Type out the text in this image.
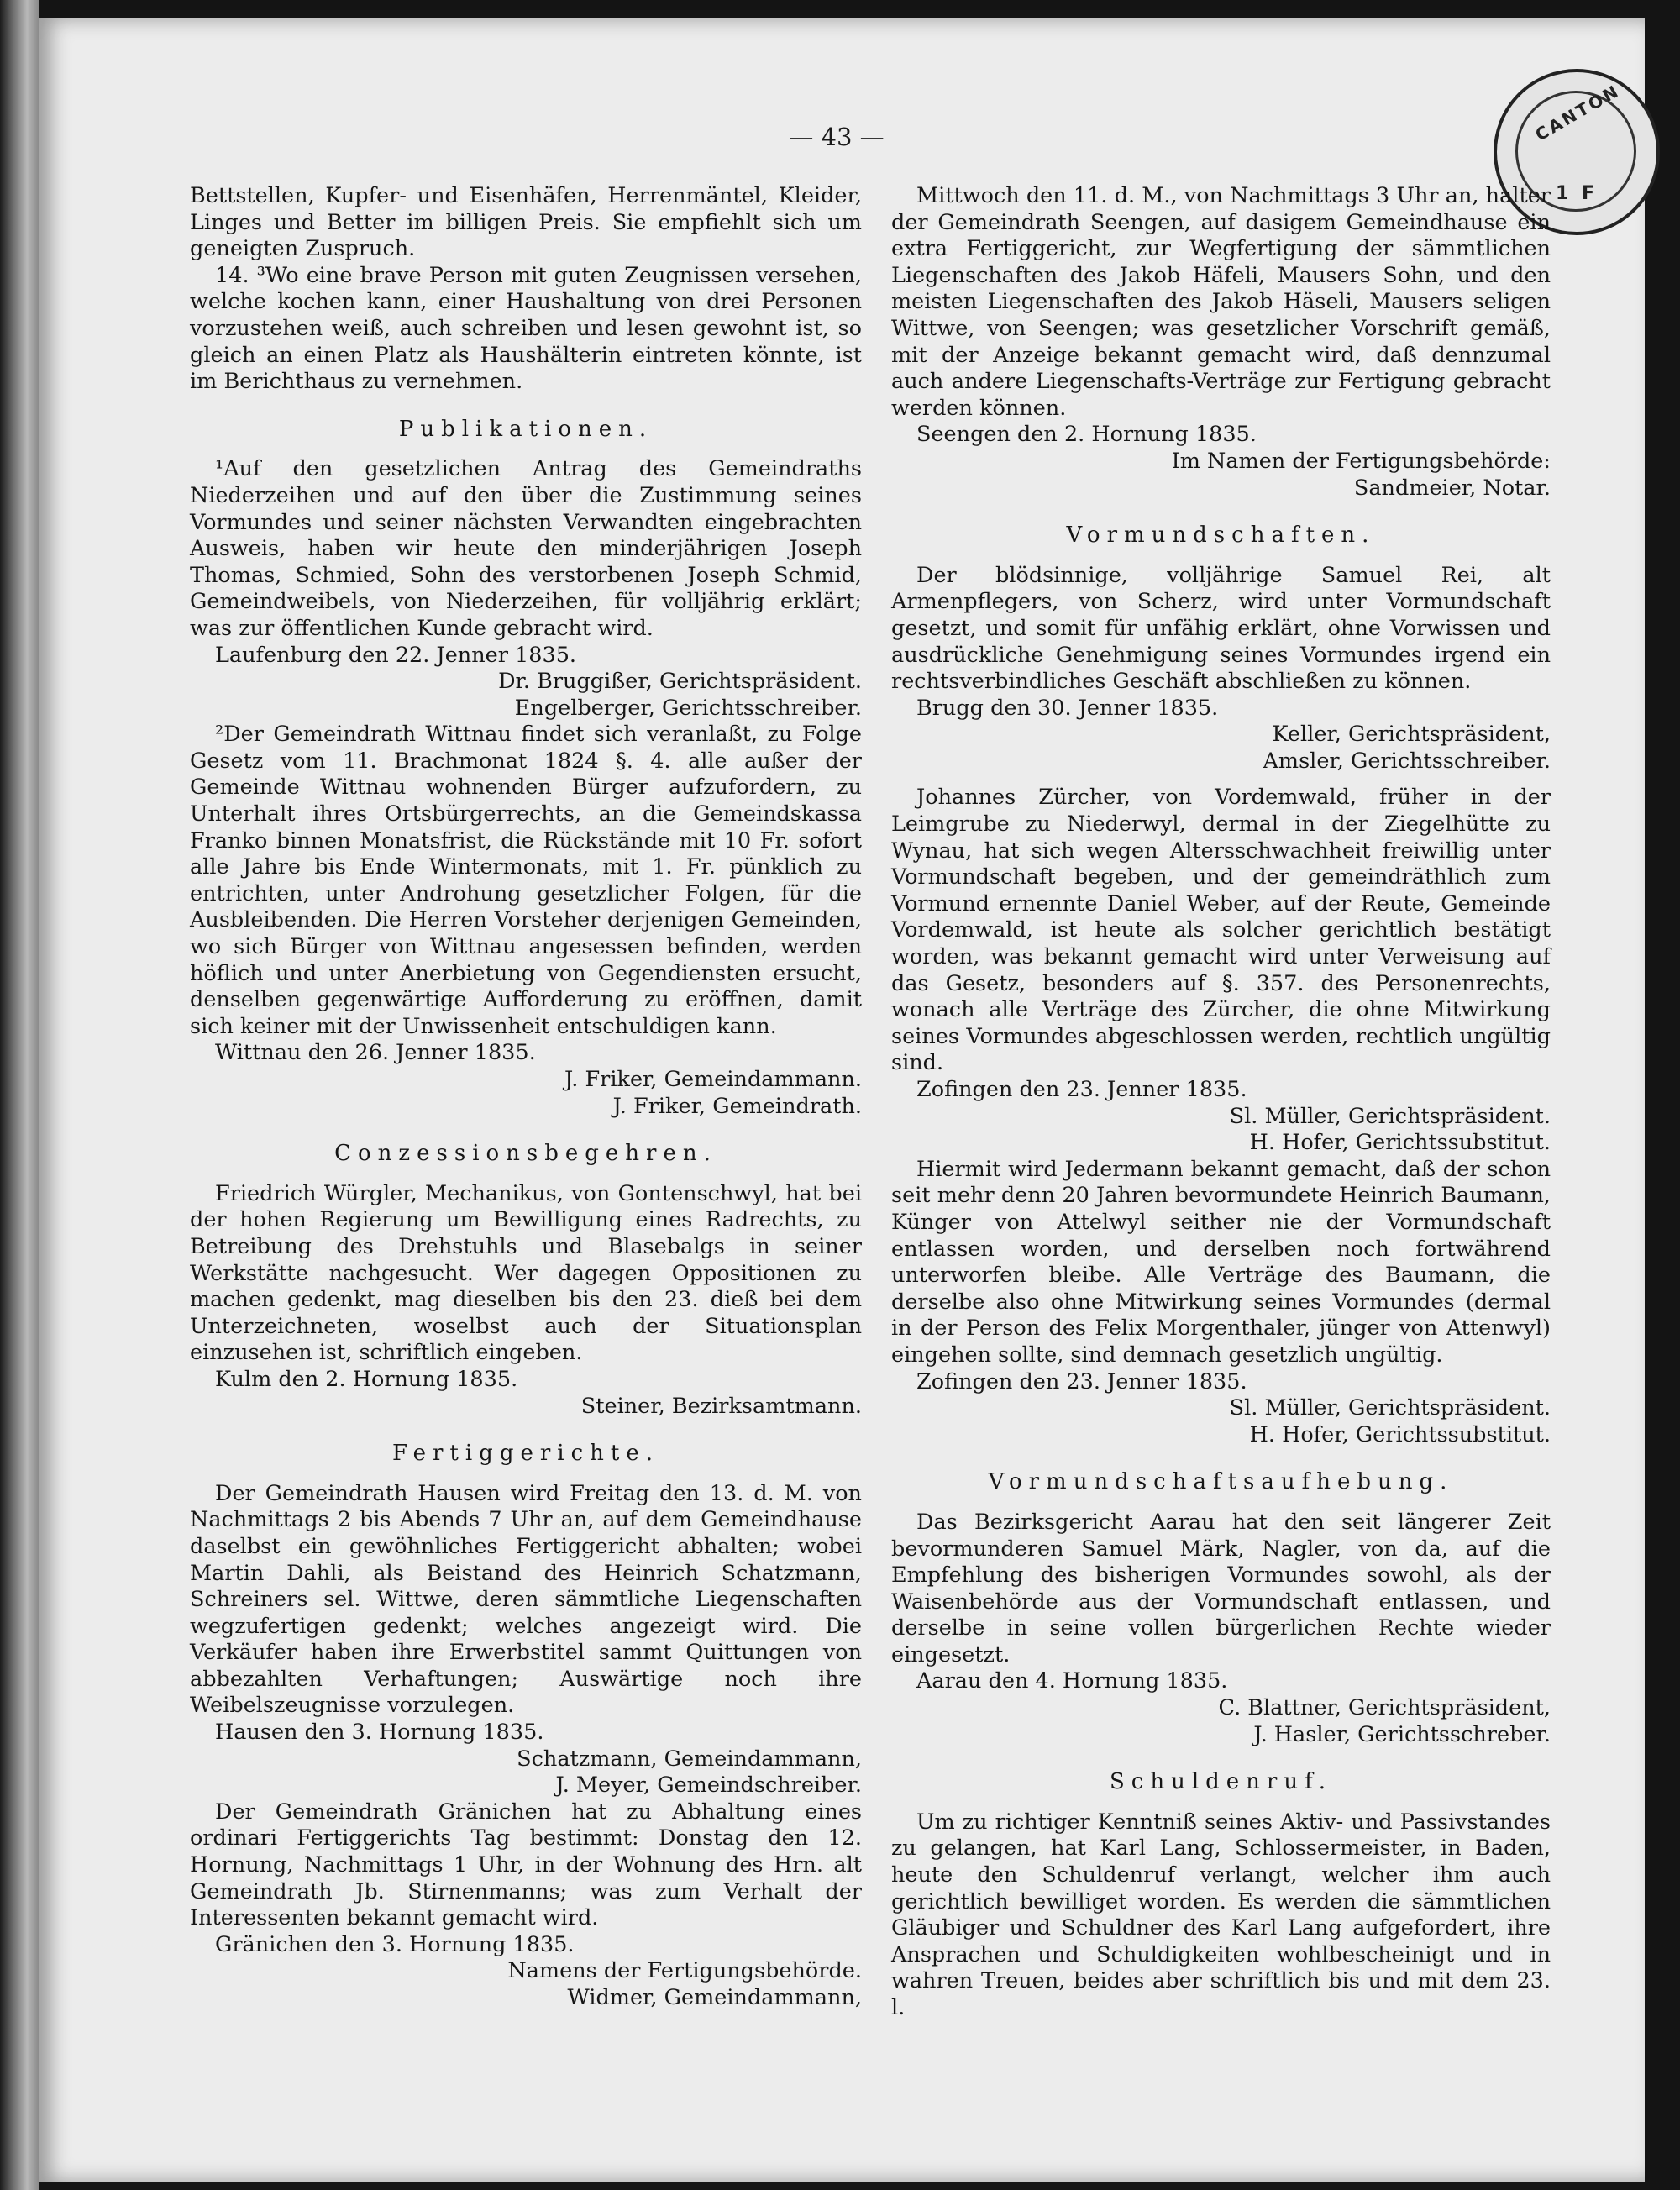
CANTON
1 F
— 43 —

Bettstellen, Kupfer- und Eisenhäfen, Herrenmäntel, Kleider, Linges und Better im billigen Preis. Sie empfiehlt sich um geneigten Zuspruch.

14. ³Wo eine brave Person mit guten Zeugnissen versehen, welche kochen kann, einer Haushaltung von drei Personen vorzustehen weiß, auch schreiben und lesen gewohnt ist, so gleich an einen Platz als Haushälterin eintreten könnte, ist im Berichthaus zu vernehmen.

Publikationen.

¹Auf den gesetzlichen Antrag des Gemeindraths Niederzeihen und auf den über die Zustimmung seines Vormundes und seiner nächsten Verwandten eingebrachten Ausweis, haben wir heute den minderjährigen Joseph Thomas, Schmied, Sohn des verstorbenen Joseph Schmid, Gemeindweibels, von Niederzeihen, für volljährig erklärt; was zur öffentlichen Kunde gebracht wird.

Laufenburg den 22. Jenner 1835.

Dr. Bruggißer, Gerichtspräsident.

Engelberger, Gerichtsschreiber.

²Der Gemeindrath Wittnau findet sich veranlaßt, zu Folge Gesetz vom 11. Brachmonat 1824 §. 4. alle außer der Gemeinde Wittnau wohnenden Bürger aufzufordern, zu Unterhalt ihres Ortsbürgerrechts, an die Gemeindskassa Franko binnen Monatsfrist, die Rückstände mit 10 Fr. sofort alle Jahre bis Ende Wintermonats, mit 1. Fr. pünklich zu entrichten, unter Androhung gesetzlicher Folgen, für die Ausbleibenden. Die Herren Vorsteher derjenigen Gemeinden, wo sich Bürger von Wittnau angesessen befinden, werden höflich und unter Anerbietung von Gegendiensten ersucht, denselben gegenwärtige Aufforderung zu eröffnen, damit sich keiner mit der Unwissenheit entschuldigen kann.

Wittnau den 26. Jenner 1835.

J. Friker, Gemeindammann.

J. Friker, Gemeindrath.

Conzessionsbegehren.

Friedrich Würgler, Mechanikus, von Gontenschwyl, hat bei der hohen Regierung um Bewilligung eines Radrechts, zu Betreibung des Drehstuhls und Blasebalgs in seiner Werkstätte nachgesucht. Wer dagegen Oppositionen zu machen gedenkt, mag dieselben bis den 23. dieß bei dem Unterzeichneten, woselbst auch der Situationsplan einzusehen ist, schriftlich eingeben.

Kulm den 2. Hornung 1835.

Steiner, Bezirksamtmann.

Fertiggerichte.

Der Gemeindrath Hausen wird Freitag den 13. d. M. von Nachmittags 2 bis Abends 7 Uhr an, auf dem Gemeindhause daselbst ein gewöhnliches Fertiggericht abhalten; wobei Martin Dahli, als Beistand des Heinrich Schatzmann, Schreiners sel. Wittwe, deren sämmtliche Liegenschaften wegzufertigen gedenkt; welches angezeigt wird. Die Verkäufer haben ihre Erwerbstitel sammt Quittungen von abbezahlten Verhaftungen; Auswärtige noch ihre Weibelszeugnisse vorzulegen.

Hausen den 3. Hornung 1835.

Schatzmann, Gemeindammann,

J. Meyer, Gemeindschreiber.

Der Gemeindrath Gränichen hat zu Abhaltung eines ordinari Fertiggerichts Tag bestimmt: Donstag den 12. Hornung, Nachmittags 1 Uhr, in der Wohnung des Hrn. alt Gemeindrath Jb. Stirnenmanns; was zum Verhalt der Interessenten bekannt gemacht wird.

Gränichen den 3. Hornung 1835.

Namens der Fertigungsbehörde.

Widmer, Gemeindammann,

Mittwoch den 11. d. M., von Nachmittags 3 Uhr an, halter der Gemeindrath Seengen, auf dasigem Gemeindhause ein extra Fertiggericht, zur Wegfertigung der sämmtlichen Liegenschaften des Jakob Häfeli, Mausers Sohn, und den meisten Liegenschaften des Jakob Häseli, Mausers seligen Wittwe, von Seengen; was gesetzlicher Vorschrift gemäß, mit der Anzeige bekannt gemacht wird, daß dennzumal auch andere Liegenschafts-Verträge zur Fertigung gebracht werden können.

Seengen den 2. Hornung 1835.

Im Namen der Fertigungsbehörde:

Sandmeier, Notar.

Vormundschaften.

Der blödsinnige, volljährige Samuel Rei, alt Armenpflegers, von Scherz, wird unter Vormundschaft gesetzt, und somit für unfähig erklärt, ohne Vorwissen und ausdrückliche Genehmigung seines Vormundes irgend ein rechtsverbindliches Geschäft abschließen zu können.

Brugg den 30. Jenner 1835.

Keller, Gerichtspräsident,

Amsler, Gerichtsschreiber.

Johannes Zürcher, von Vordemwald, früher in der Leimgrube zu Niederwyl, dermal in der Ziegelhütte zu Wynau, hat sich wegen Altersschwachheit freiwillig unter Vormundschaft begeben, und der gemeindräthlich zum Vormund ernennte Daniel Weber, auf der Reute, Gemeinde Vordemwald, ist heute als solcher gerichtlich bestätigt worden, was bekannt gemacht wird unter Verweisung auf das Gesetz, besonders auf §. 357. des Personenrechts, wonach alle Verträge des Zürcher, die ohne Mitwirkung seines Vormundes abgeschlossen werden, rechtlich ungültig sind.

Zofingen den 23. Jenner 1835.

Sl. Müller, Gerichtspräsident.

H. Hofer, Gerichtssubstitut.

Hiermit wird Jedermann bekannt gemacht, daß der schon seit mehr denn 20 Jahren bevormundete Heinrich Baumann, Künger von Attelwyl seither nie der Vormundschaft entlassen worden, und derselben noch fortwährend unterworfen bleibe. Alle Verträge des Baumann, die derselbe also ohne Mitwirkung seines Vormundes (dermal in der Person des Felix Morgenthaler, jünger von Attenwyl) eingehen sollte, sind demnach gesetzlich ungültig.

Zofingen den 23. Jenner 1835.

Sl. Müller, Gerichtspräsident.

H. Hofer, Gerichtssubstitut.

Vormundschaftsaufhebung.

Das Bezirksgericht Aarau hat den seit längerer Zeit bevormunderen Samuel Märk, Nagler, von da, auf die Empfehlung des bisherigen Vormundes sowohl, als der Waisenbehörde aus der Vormundschaft entlassen, und derselbe in seine vollen bürgerlichen Rechte wieder eingesetzt.

Aarau den 4. Hornung 1835.

C. Blattner, Gerichtspräsident,

J. Hasler, Gerichtsschreber.

Schuldenruf.

Um zu richtiger Kenntniß seines Aktiv- und Passivstandes zu gelangen, hat Karl Lang, Schlossermeister, in Baden, heute den Schuldenruf verlangt, welcher ihm auch gerichtlich bewilliget worden. Es werden die sämmtlichen Gläubiger und Schuldner des Karl Lang aufgefordert, ihre Ansprachen und Schuldigkeiten wohlbescheinigt und in wahren Treuen, beides aber schriftlich bis und mit dem 23. l.
